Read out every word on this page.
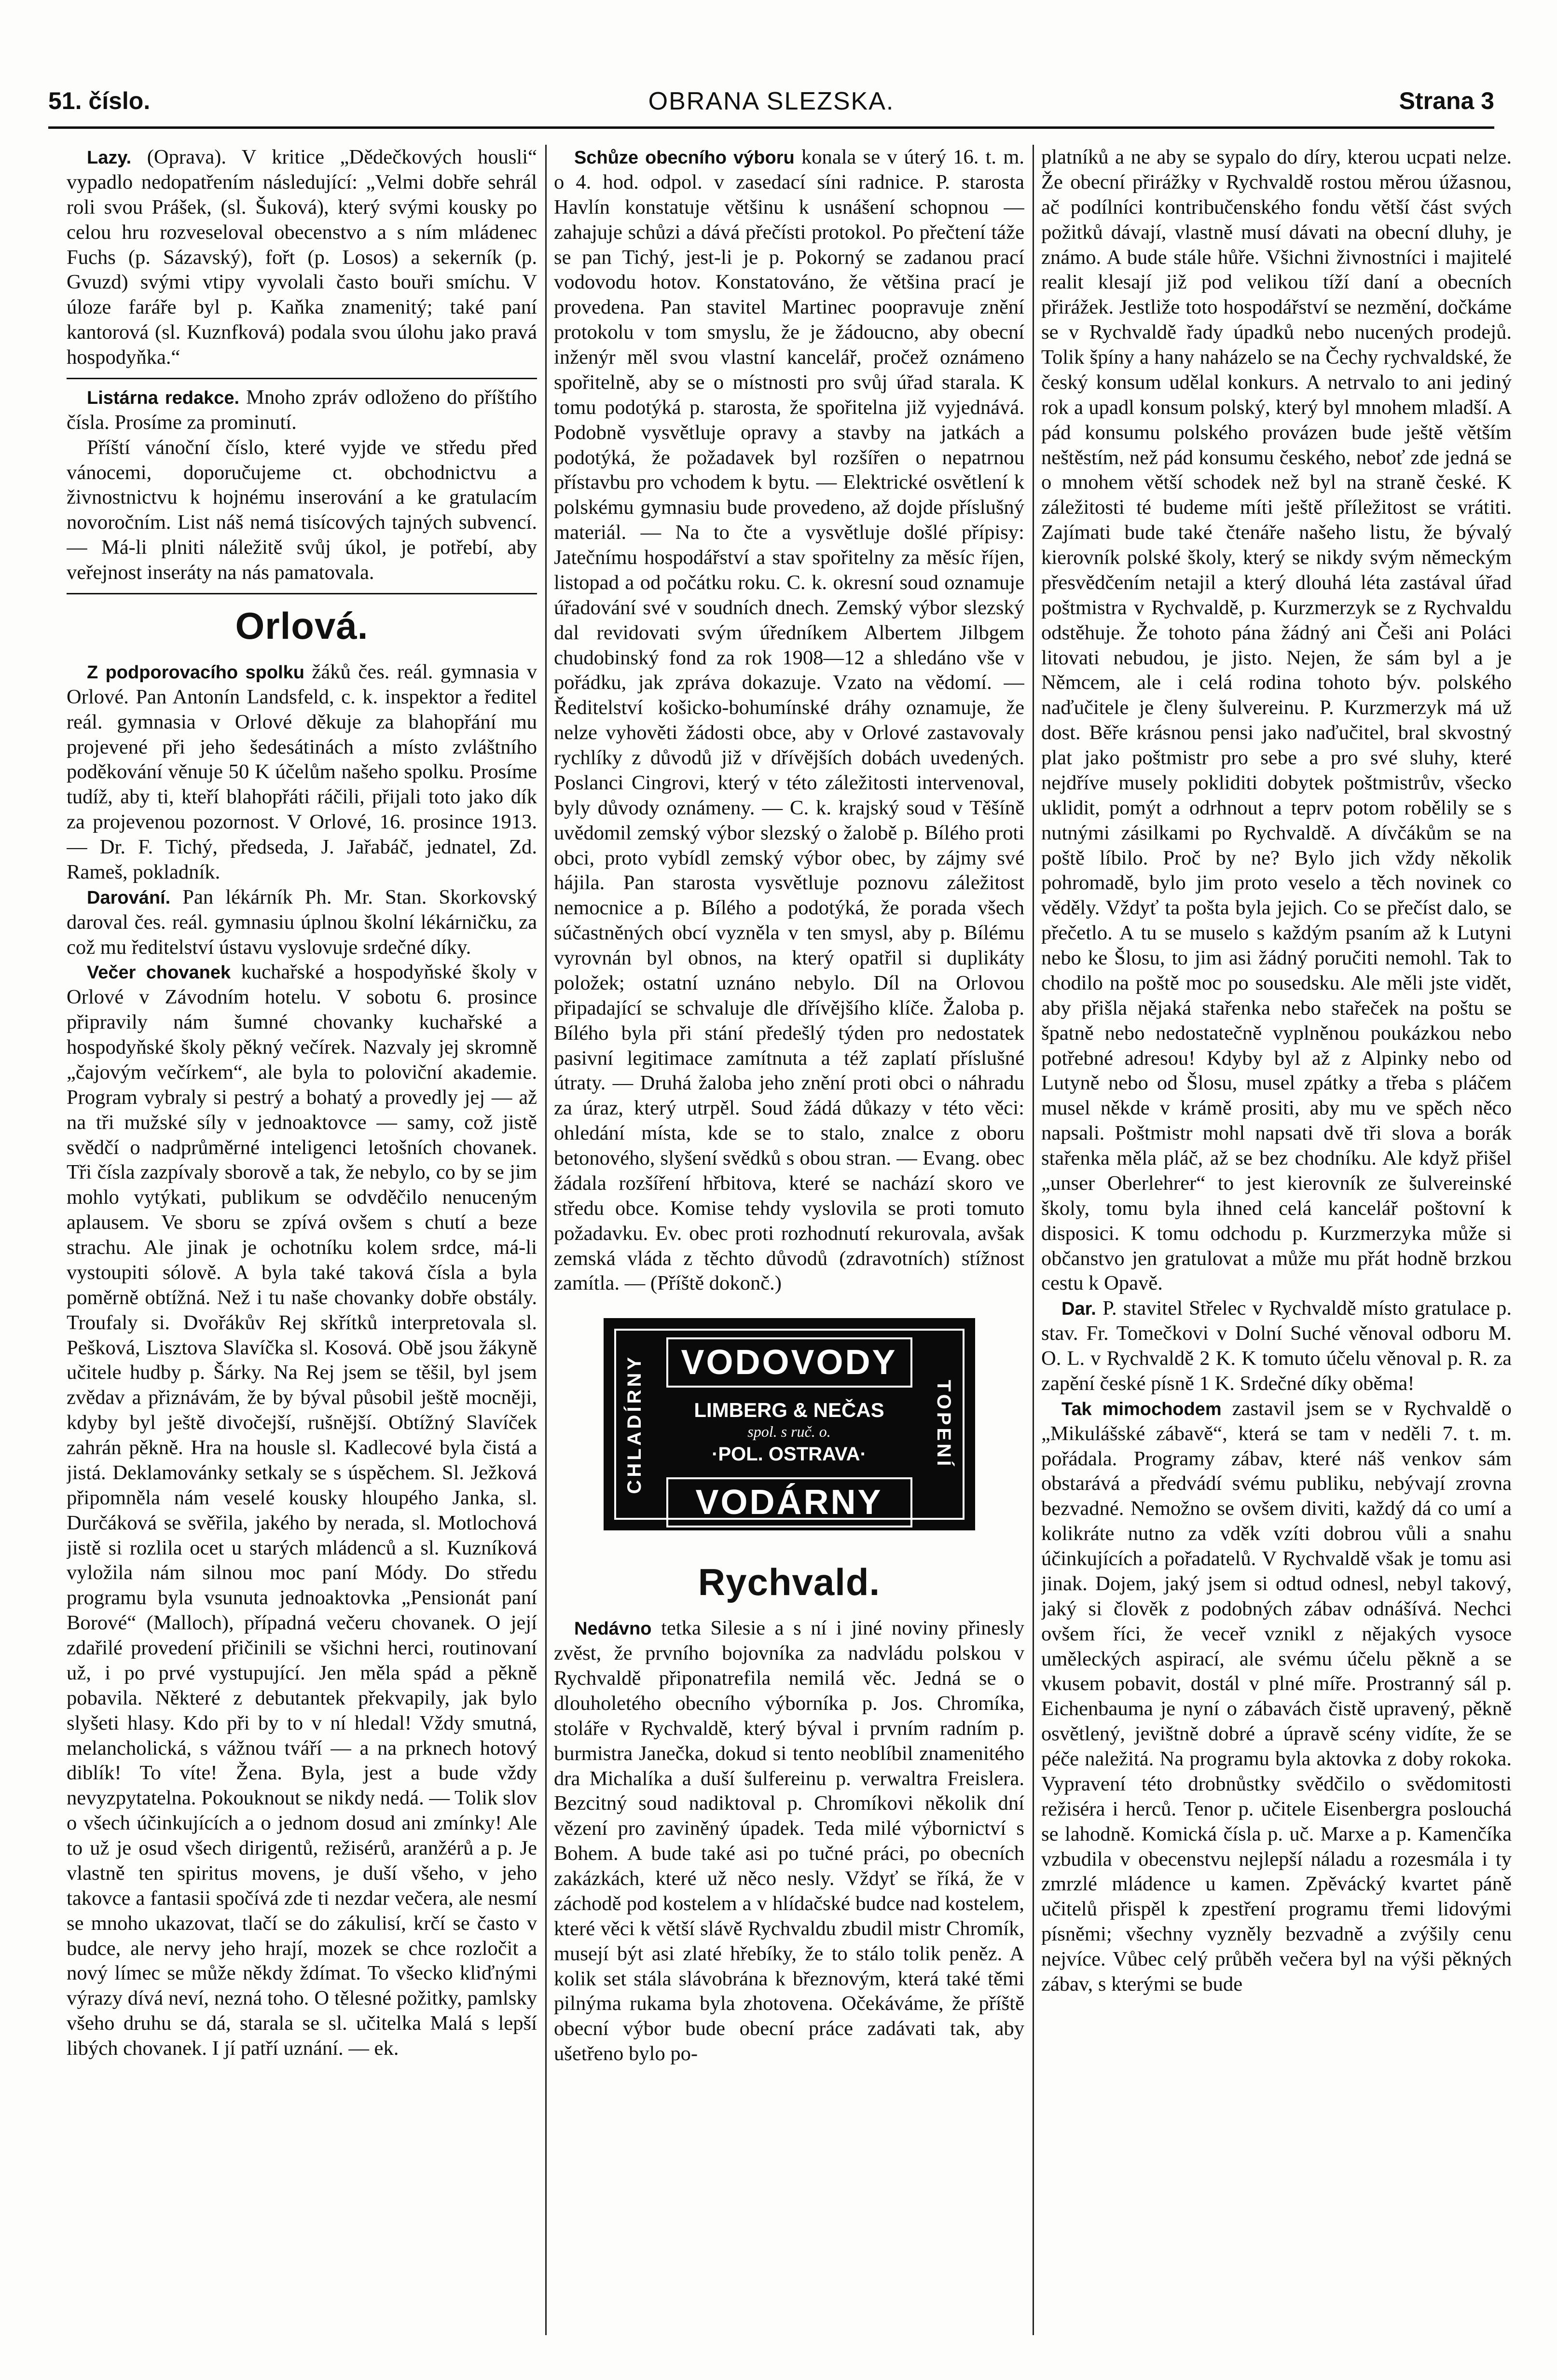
51. číslo.	OBRANA SLEZSKA.	Strana 3

Lazy. (Oprava). V kritice „Dědečkových housli“ vypadlo nedopatřením následující: „Velmi dobře sehrál roli svou Prášek, (sl. Šuková), který svými kousky po celou hru rozveseloval obecenstvo a s ním mládenec Fuchs (p. Sázavský), fořt (p. Losos) a sekerník (p. Gvuzd) svými vtipy vyvolali často bouři smíchu. V úloze faráře byl p. Kaňka znamenitý; také paní kantorová (sl. Kuznfková) podala svou úlohu jako pravá hospodyňka.“

Listárna redakce. Mnoho zpráv odloženo do příštího čísla. Prosíme za prominutí.

Příští vánoční číslo, které vyjde ve středu před vánocemi, doporučujeme ct. obchodnictvu a živnostnictvu k hojnému inserování a ke gratulacím novoročním. List náš nemá tisícových tajných subvencí. — Má-li plniti náležitě svůj úkol, je potřebí, aby veřejnost inseráty na nás pamatovala.

Orlová.

Z podporovacího spolku žáků čes. reál. gymnasia v Orlové. Pan Antonín Landsfeld, c. k. inspektor a ředitel reál. gymnasia v Orlové děkuje za blahopřání mu projevené při jeho šedesátinách a místo zvláštního poděkování věnuje 50 K účelům našeho spolku. Prosíme tudíž, aby ti, kteří blahopřáti ráčili, přijali toto jako dík za projevenou pozornost. V Orlové, 16. prosince 1913. — Dr. F. Tichý, předseda, J. Jařabáč, jednatel, Zd. Rameš, pokladník.

Darování. Pan lékárník Ph. Mr. Stan. Skorkovský daroval čes. reál. gymnasiu úplnou školní lékárničku, za což mu ředitelství ústavu vyslovuje srdečné díky.

Večer chovanek kuchařské a hospodyňské školy v Orlové v Závodním hotelu. V sobotu 6. prosince připravily nám šumné chovanky kuchařské a hospodyňské školy pěkný večírek. Nazvaly jej skromně „čajovým večírkem“, ale byla to poloviční akademie. Program vybraly si pestrý a bohatý a provedly jej — až na tři mužské síly v jednoaktovce — samy, což jistě svědčí o nadprůměrné inteligenci letošních chovanek. Tři čísla zazpívaly sborově a tak, že nebylo, co by se jim mohlo vytýkati, publikum se odvděčilo nenuceným aplausem. Ve sboru se zpívá ovšem s chutí a beze strachu. Ale jinak je ochotníku kolem srdce, má-li vystoupiti sólově. A byla také taková čísla a byla poměrně obtížná. Než i tu naše chovanky dobře obstály. Troufaly si. Dvořákův Rej skřítků interpretovala sl. Pešková, Lisztova Slavíčka sl. Kosová. Obě jsou žákyně učitele hudby p. Šárky. Na Rej jsem se těšil, byl jsem zvědav a přiznávám, že by býval působil ještě mocněji, kdyby byl ještě divočejší, rušnější. Obtížný Slavíček zahrán pěkně. Hra na housle sl. Kadlecové byla čistá a jistá. Deklamovánky setkaly se s úspěchem. Sl. Ježková připomněla nám veselé kousky hloupého Janka, sl. Durčáková se svěřila, jakého by nerada, sl. Motlochová jistě si rozlila ocet u starých mládenců a sl. Kuzníková vyložila nám silnou moc paní Módy. Do středu programu byla vsunuta jednoaktovka „Pensionát paní Borové“ (Malloch), případná večeru chovanek. O její zdařilé provedení přičinili se všichni herci, routinovaní už, i po prvé vystupující. Jen měla spád a pěkně pobavila. Některé z debutantek překvapily, jak bylo slyšeti hlasy. Kdo při by to v ní hledal! Vždy smutná, melancholická, s vážnou tváří — a na prknech hotový diblík! To víte! Žena. Byla, jest a bude vždy nevyzpytatelna. Pokouknout se nikdy nedá. — Tolik slov o všech účinkujících a o jednom dosud ani zmínky! Ale to už je osud všech dirigentů, režisérů, aranžérů a p. Je vlastně ten spiritus movens, je duší všeho, v jeho takovce a fantasii spočívá zde ti nezdar večera, ale nesmí se mnoho ukazovat, tlačí se do zákulisí, krčí se často v budce, ale nervy jeho hrají, mozek se chce rozločit a nový límec se může někdy ždímat. To všecko kliďnými výrazy dívá neví, nezná toho. O tělesné požitky, pamlsky všeho druhu se dá, starala se sl. učitelka Malá s lepší libých chovanek. I jí patří uznání. — ek.

Schůze obecního výboru konala se v úterý 16. t. m. o 4. hod. odpol. v zasedací síni radnice. P. starosta Havlín konstatuje většinu k usnášení schopnou — zahajuje schůzi a dává přečísti protokol. Po přečtení táže se pan Tichý, jest-li je p. Pokorný se zadanou prací vodovodu hotov. Konstatováno, že většina prací je provedena. Pan stavitel Martinec poopravuje znění protokolu v tom smyslu, že je žádoucno, aby obecní inženýr měl svou vlastní kancelář, pročež oznámeno spořitelně, aby se o místnosti pro svůj úřad starala. K tomu podotýká p. starosta, že spořitelna již vyjednává. Podobně vysvětluje opravy a stavby na jatkách a podotýká, že požadavek byl rozšířen o nepatrnou přístavbu pro vchodem k bytu. — Elektrické osvětlení k polskému gymnasiu bude provedeno, až dojde příslušný materiál. — Na to čte a vysvětluje došlé přípisy: Jatečnímu hospodářství a stav spořitelny za měsíc říjen, listopad a od počátku roku. C. k. okresní soud oznamuje úřadování své v soudních dnech. Zemský výbor slezský dal revidovati svým úředníkem Albertem Jilbgem chudobinský fond za rok 1908—12 a shledáno vše v pořádku, jak zpráva dokazuje. Vzato na vědomí. — Ředitelství košicko-bohumínské dráhy oznamuje, že nelze vyhověti žádosti obce, aby v Orlové zastavovaly rychlíky z důvodů již v dřívějších dobách uvedených. Poslanci Cingrovi, který v této záležitosti intervenoval, byly důvody oznámeny. — C. k. krajský soud v Těšíně uvědomil zemský výbor slezský o žalobě p. Bílého proti obci, proto vybídl zemský výbor obec, by zájmy své hájila. Pan starosta vysvětluje poznovu záležitost nemocnice a p. Bílého a podotýká, že porada všech súčastněných obcí vyzněla v ten smysl, aby p. Bílému vyrovnán byl obnos, na který opatřil si duplikáty položek; ostatní uznáno nebylo. Díl na Orlovou připadající se schvaluje dle dřívějšího klíče. Žaloba p. Bílého byla při stání předešlý týden pro nedostatek pasivní legitimace zamítnuta a též zaplatí příslušné útraty. — Druhá žaloba jeho znění proti obci o náhradu za úraz, který utrpěl. Soud žádá důkazy v této věci: ohledání místa, kde se to stalo, znalce z oboru betonového, slyšení svědků s obou stran. — Evang. obec žádala rozšíření hřbitova, které se nachází skoro ve středu obce. Komise tehdy vyslovila se proti tomuto požadavku. Ev. obec proti rozhodnutí rekurovala, avšak zemská vláda z těchto důvodů (zdravotních) stížnost zamítla. — (Příště dokonč.)

CHLADÍRNY	TOPENÍ
VODOVODY
LIMBERG & NEČAS
spol. s ruč. o.
·POL. OSTRAVA·
VODÁRNY
Rychvald.

Nedávno tetka Silesie a s ní i jiné noviny přinesly zvěst, že prvního bojovníka za nadvládu polskou v Rychvaldě připonatrefila nemilá věc. Jedná se o dlouholetého obecního výborníka p. Jos. Chromíka, stoláře v Rychvaldě, který býval i prvním radním p. burmistra Janečka, dokud si tento neoblíbil znamenitého dra Michalíka a duší šulfereinu p. verwaltra Freislera. Bezcitný soud nadiktoval p. Chromíkovi několik dní vězení pro zaviněný úpadek. Teda milé výbornictví s Bohem. A bude také asi po tučné práci, po obecních zakázkách, které už něco nesly. Vždyť se říká, že v záchodě pod kostelem a v hlídačské budce nad kostelem, které věci k větší slávě Rychvaldu zbudil mistr Chromík, musejí být asi zlaté hřebíky, že to stálo tolik peněz. A kolik set stála slávobrána k březnovým, která také těmi pilnýma rukama byla zhotovena. Očekáváme, že příště obecní výbor bude obecní práce zadávati tak, aby ušetřeno bylo po-

platníků a ne aby se sypalo do díry, kterou ucpati nelze. Že obecní přirážky v Rychvaldě rostou měrou úžasnou, ač podílníci kontribučenského fondu větší část svých požitků dávají, vlastně musí dávati na obecní dluhy, je známo. A bude stále hůře. Všichni živnostníci i majitelé realit klesají již pod velikou tíží daní a obecních přirážek. Jestliže toto hospodářství se nezmění, dočkáme se v Rychvaldě řady úpadků nebo nucených prodejů. Tolik špíny a hany naházelo se na Čechy rychvaldské, že český konsum udělal konkurs. A netrvalo to ani jediný rok a upadl konsum polský, který byl mnohem mladší. A pád konsumu polského provázen bude ještě větším neštěstím, než pád konsumu českého, neboť zde jedná se o mnohem větší schodek než byl na straně české. K záležitosti té budeme míti ještě příležitost se vrátiti. Zajímati bude také čtenáře našeho listu, že bývalý kierovník polské školy, který se nikdy svým německým přesvědčením netajil a který dlouhá léta zastával úřad poštmistra v Rychvaldě, p. Kurzmerzyk se z Rychvaldu odstěhuje. Že tohoto pána žádný ani Češi ani Poláci litovati nebudou, je jisto. Nejen, že sám byl a je Němcem, ale i celá rodina tohoto býv. polského naďučitele je členy šulvereinu. P. Kurzmerzyk má už dost. Běře krásnou pensi jako naďučitel, bral skvostný plat jako poštmistr pro sebe a pro své sluhy, které nejdříve musely pokliditi dobytek poštmistrův, všecko uklidit, pomýt a odrhnout a teprv potom robělily se s nutnými zásilkami po Rychvaldě. A dívčákům se na poště líbilo. Proč by ne? Bylo jich vždy několik pohromadě, bylo jim proto veselo a těch novinek co věděly. Vždyť ta pošta byla jejich. Co se přečíst dalo, se přečetlo. A tu se muselo s každým psaním až k Lutyni nebo ke Šlosu, to jim asi žádný poručiti nemohl. Tak to chodilo na poště moc po sousedsku. Ale měli jste vidět, aby přišla nějaká stařenka nebo stařeček na poštu se špatně nebo nedostatečně vyplněnou poukázkou nebo potřebné adresou! Kdyby byl až z Alpinky nebo od Lutyně nebo od Šlosu, musel zpátky a třeba s pláčem musel někde v krámě prositi, aby mu ve spěch něco napsali. Poštmistr mohl napsati dvě tři slova a borák stařenka měla pláč, až se bez chodníku. Ale když přišel „unser Oberlehrer“ to jest kierovník ze šulvereinské školy, tomu byla ihned celá kancelář poštovní k disposici. K tomu odchodu p. Kurzmerzyka může si občanstvo jen gratulovat a může mu přát hodně brzkou cestu k Opavě.

Dar. P. stavitel Střelec v Rychvaldě místo gratulace p. stav. Fr. Tomečkovi v Dolní Suché věnoval odboru M. O. L. v Rychvaldě 2 K. K tomuto účelu věnoval p. R. za zapění české písně 1 K. Srdečné díky oběma!

Tak mimochodem zastavil jsem se v Rychvaldě o „Mikulášské zábavě“, která se tam v neděli 7. t. m. pořádala. Programy zábav, které náš venkov sám obstarává a předvádí svému publiku, nebývají zrovna bezvadné. Nemožno se ovšem diviti, každý dá co umí a kolikráte nutno za vděk vzíti dobrou vůli a snahu účinkujících a pořadatelů. V Rychvaldě však je tomu asi jinak. Dojem, jaký jsem si odtud odnesl, nebyl takový, jaký si člověk z podobných zábav odnášívá. Nechci ovšem říci, že veceř vznikl z nějakých vysoce uměleckých aspirací, ale svému účelu pěkně a se vkusem pobavit, dostál v plné míře. Prostranný sál p. Eichenbauma je nyní o zábavách čistě upravený, pěkně osvětlený, jevištně dobré a úpravě scény vidíte, že se péče naležitá. Na programu byla aktovka z doby rokoka. Vypravení této drobnůstky svědčilo o svědomitosti režiséra i herců. Tenor p. učitele Eisenbergra poslouchá se lahodně. Komická čísla p. uč. Marxe a p. Kamenčíka vzbudila v obecenstvu nejlepší náladu a rozesmála i ty zmrzlé mládence u kamen. Zpěvácký kvartet páně učitelů přispěl k zpestření programu třemi lidovými písněmi; všechny vyzněly bezvadně a zvýšily cenu nejvíce. Vůbec celý průběh večera byl na výši pěkných zábav, s kterými se bude
